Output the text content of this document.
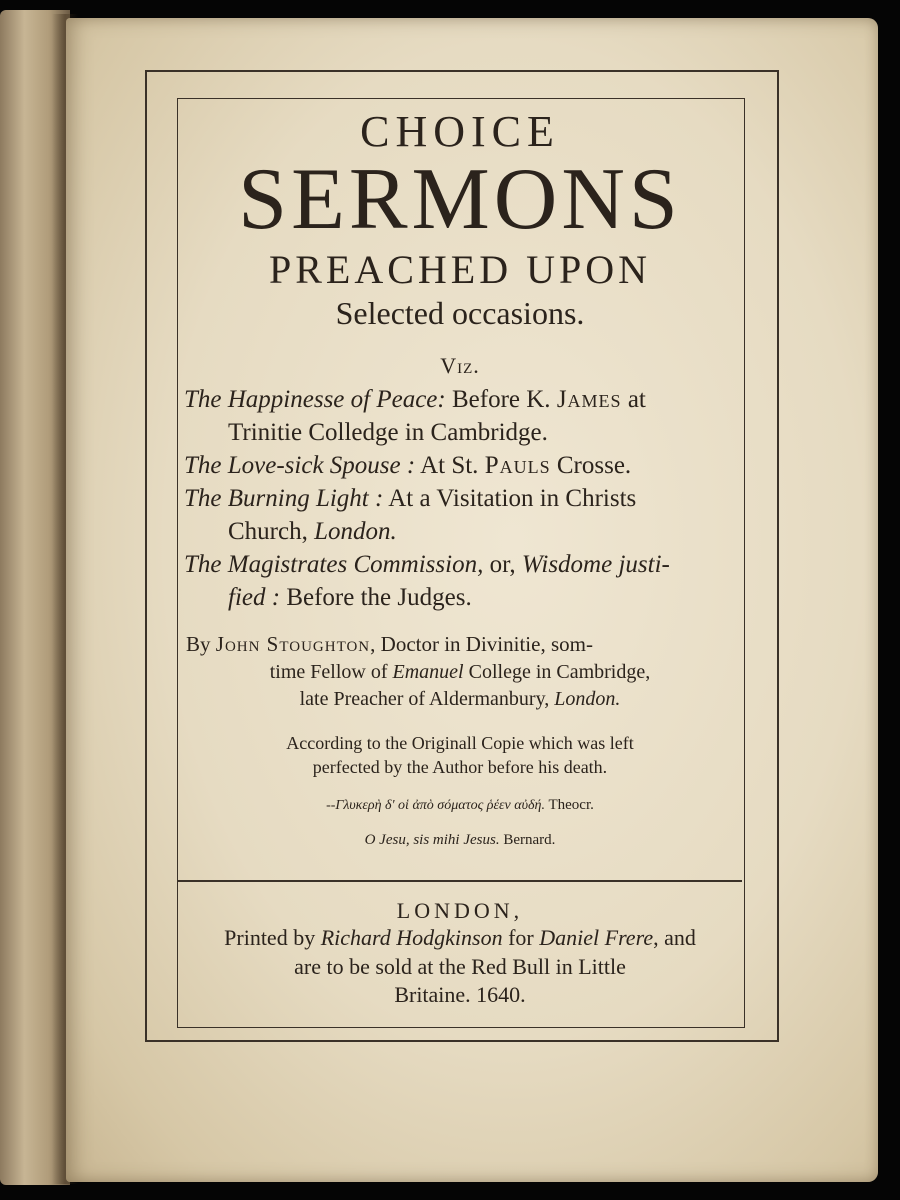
CHOICE
SERMONS
PREACHED UPON
Selected occasions.
Viz.
The Happinesse of Peace: Before K. James at
Trinitie Colledge in Cambridge.
The Love-sick Spouse : At St. Pauls Crosse.
The Burning Light : At a Visitation in Christs
Church, London.
The Magistrates Commission, or, Wisdome justi-
fied : Before the Judges.
By John Stoughton, Doctor in Divinitie, som-
time Fellow of Emanuel College in Cambridge,
late Preacher of Aldermanbury, London.
According to the Originall Copie which was left
perfected by the Author before his death.
--Γλυκερὴ δ' οἱ ἀπὸ σόματος ῥέεν αὐδή. Theocr.
O Jesu, sis mihi Jesus. Bernard.
LONDON,
Printed by Richard Hodgkinson for Daniel Frere, and
are to be sold at the Red Bull in Little
Britaine. 1640.
